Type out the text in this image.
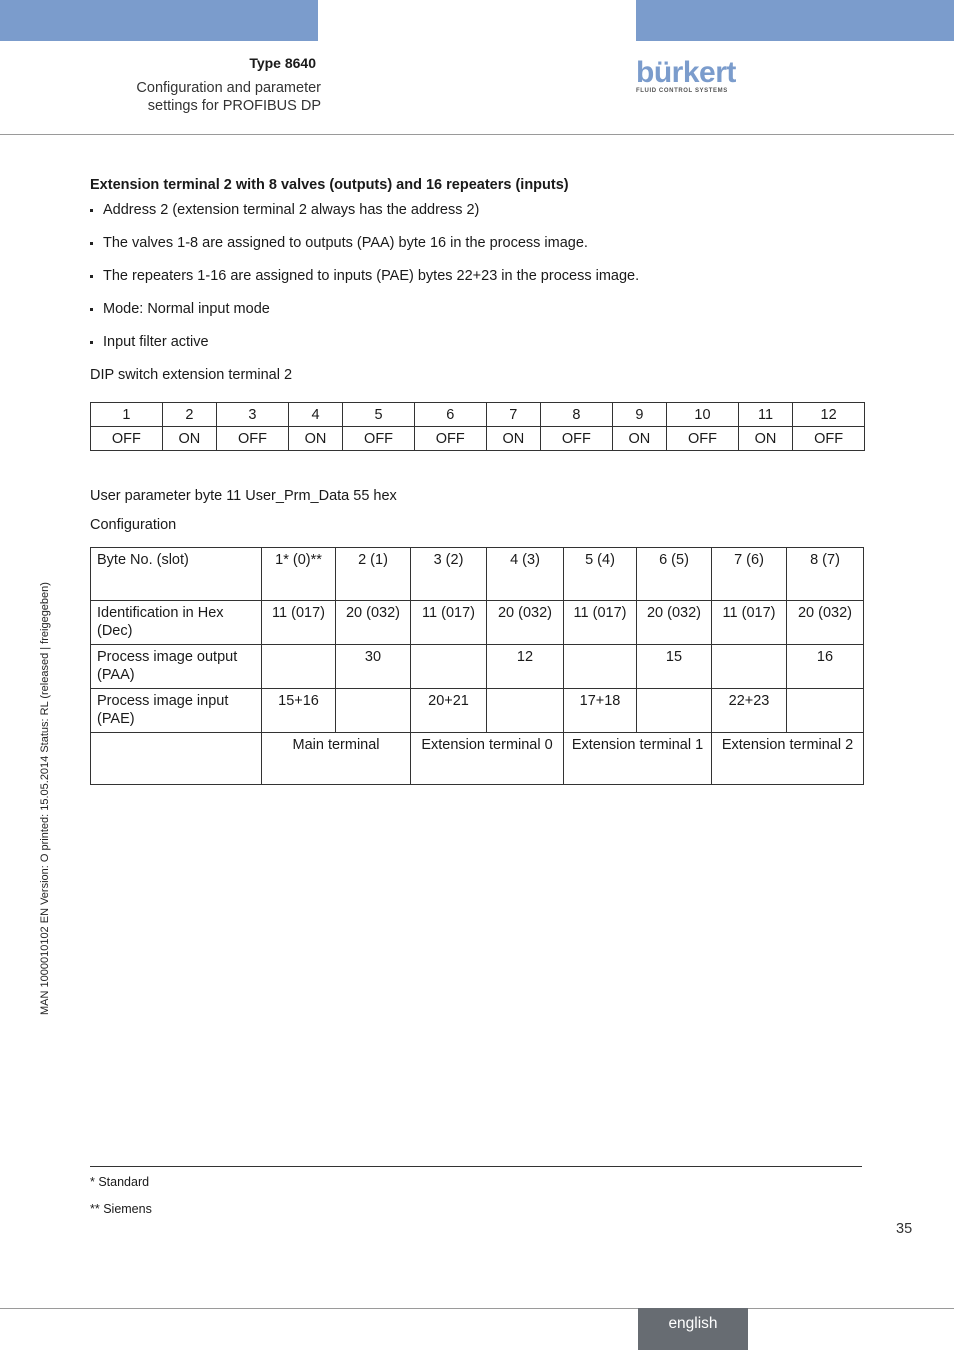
Type 8640
Configuration and parameter
settings for PROFIBUS DP
bürkert
FLUID CONTROL SYSTEMS
MAN 1000010102 EN Version: O printed: 15.05.2014 Status: RL (released | freigegeben)

Extension terminal 2 with 8 valves (outputs) and 16 repeaters (inputs)

Address 2 (extension terminal 2 always has the address 2)
The valves 1-8 are assigned to outputs (PAA) byte 16 in the process image.
The repeaters 1-16 are assigned to inputs (PAE) bytes 22+23 in the process image.
Mode: Normal input mode
Input filter active

DIP switch extension terminal 2

1	2	3	4	5	6	7	8	9	10	11	12
OFF	ON	OFF	ON	OFF	OFF	ON	OFF	ON	OFF	ON	OFF
User parameter byte 11 User_Prm_Data 55 hex
Configuration
Byte No. (slot)	1* (0)**	2 (1)	3 (2)	4 (3)	5 (4)	6 (5)	7 (6)	8 (7)
Identification in Hex (Dec)	11 (017)	20 (032)	11 (017)	20 (032)	11 (017)	20 (032)	11 (017)	20 (032)
Process image output (PAA)		30		12		15		16
Process image input (PAE)	15+16		20+21		17+18		22+23	
	Main terminal		Extension terminal 0		Extension terminal 1		Extension terminal 2	
* Standard
** Siemens
35
english
